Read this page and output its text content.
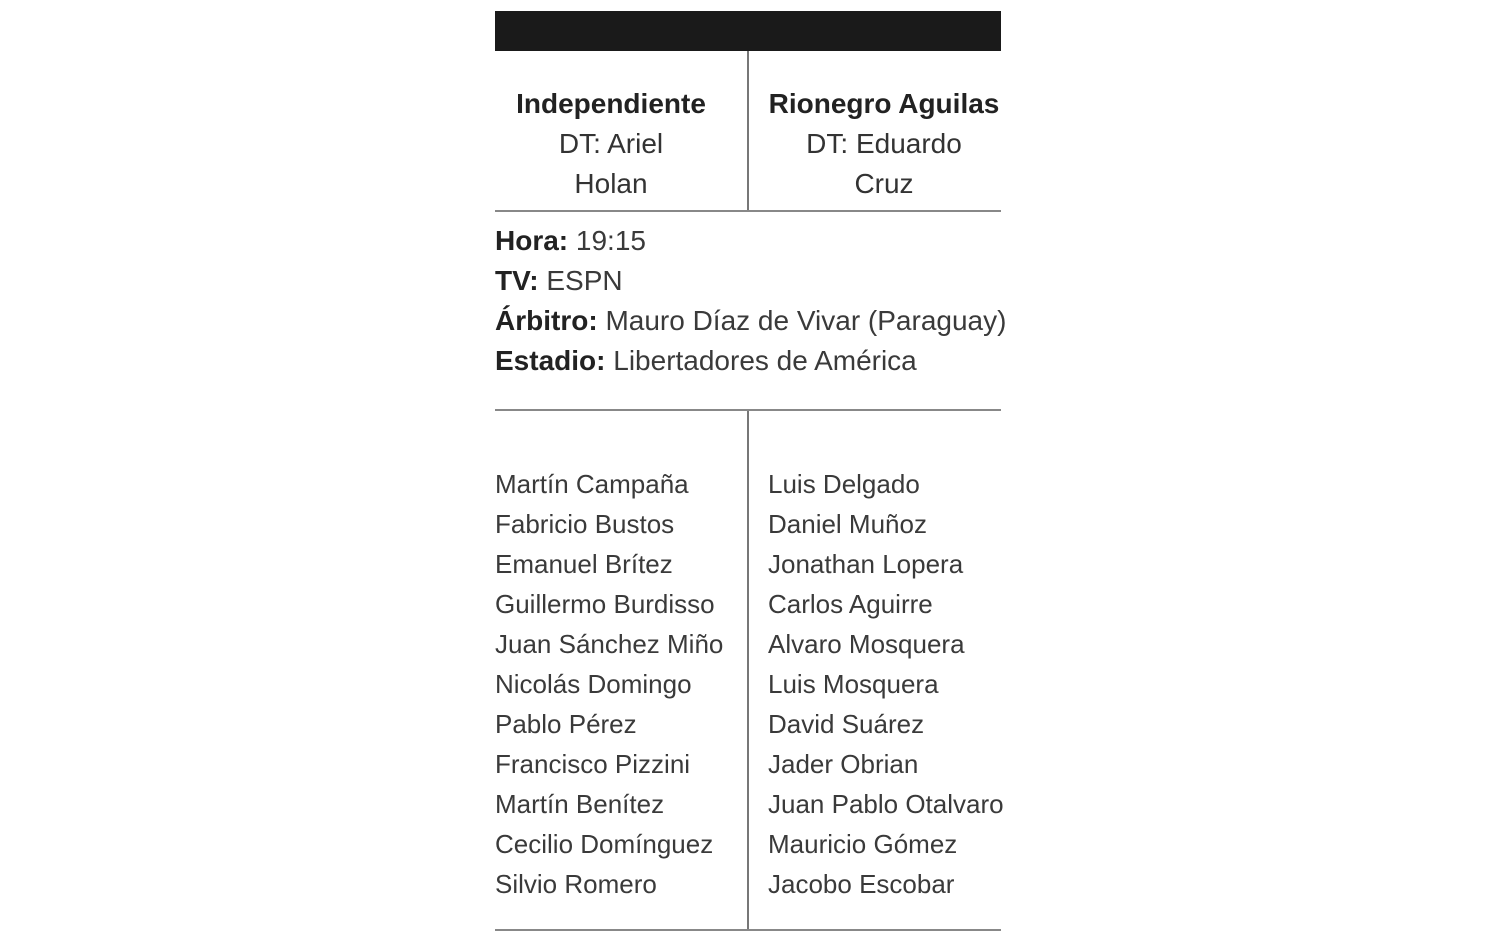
Independiente
DT: Ariel
Holan
Rionegro Aguilas
DT: Eduardo
Cruz
Hora: 19:15
TV: ESPN
Árbitro: Mauro Díaz de Vivar (Paraguay)
Estadio: Libertadores de América
Martín Campaña
Fabricio Bustos
Emanuel Brítez
Guillermo Burdisso
Juan Sánchez Miño
Nicolás Domingo
Pablo Pérez
Francisco Pizzini
Martín Benítez
Cecilio Domínguez
Silvio Romero
Luis Delgado
Daniel Muñoz
Jonathan Lopera
Carlos Aguirre
Alvaro Mosquera
Luis Mosquera
David Suárez
Jader Obrian
Juan Pablo Otalvaro
Mauricio Gómez
Jacobo Escobar
